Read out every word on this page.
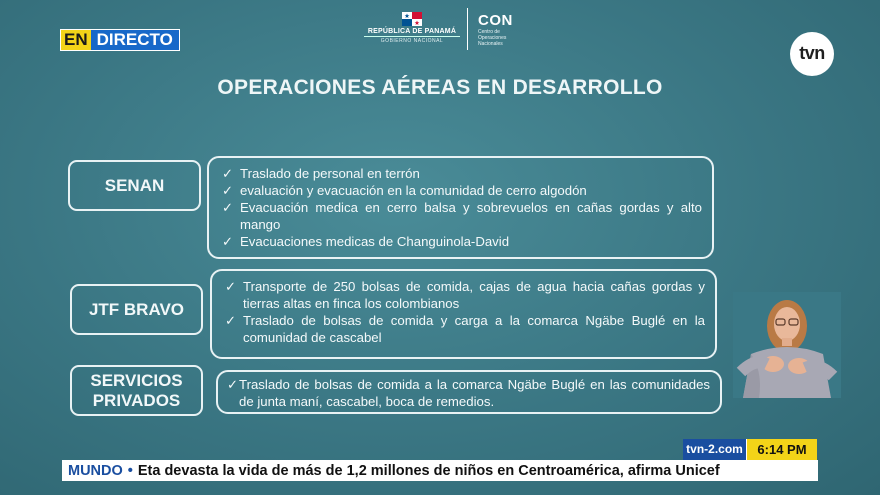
EN DIRECTO	REPÚBLICA DE PANAMÁ
GOBIERNO NACIONAL
CON
Centro de
Operaciones
Nacionales	tvn
OPERACIONES AÉREAS EN DESARROLLO
SENAN
✓ Traslado de personal en terrón
✓ evaluación y evacuación en la comunidad de cerro algodón
✓ Evacuación medica en cerro balsa y sobrevuelos en cañas gordas y alto mango
✓ Evacuaciones medicas de Changuinola-David
JTF BRAVO
✓ Transporte de 250 bolsas de comida, cajas de agua hacia cañas gordas y tierras altas en finca los colombianos
✓ Traslado de bolsas de comida y carga a la comarca Ngäbe Buglé en la comunidad de cascabel
SERVICIOS
PRIVADOS
✓ Traslado de bolsas de comida a la comarca Ngäbe Buglé en las comunidades de junta maní, cascabel, boca de remedios.
tvn-2.com	6:14 PM
MUNDO • Eta devasta la vida de más de 1,2 millones de niños en Centroamérica, afirma Unicef
